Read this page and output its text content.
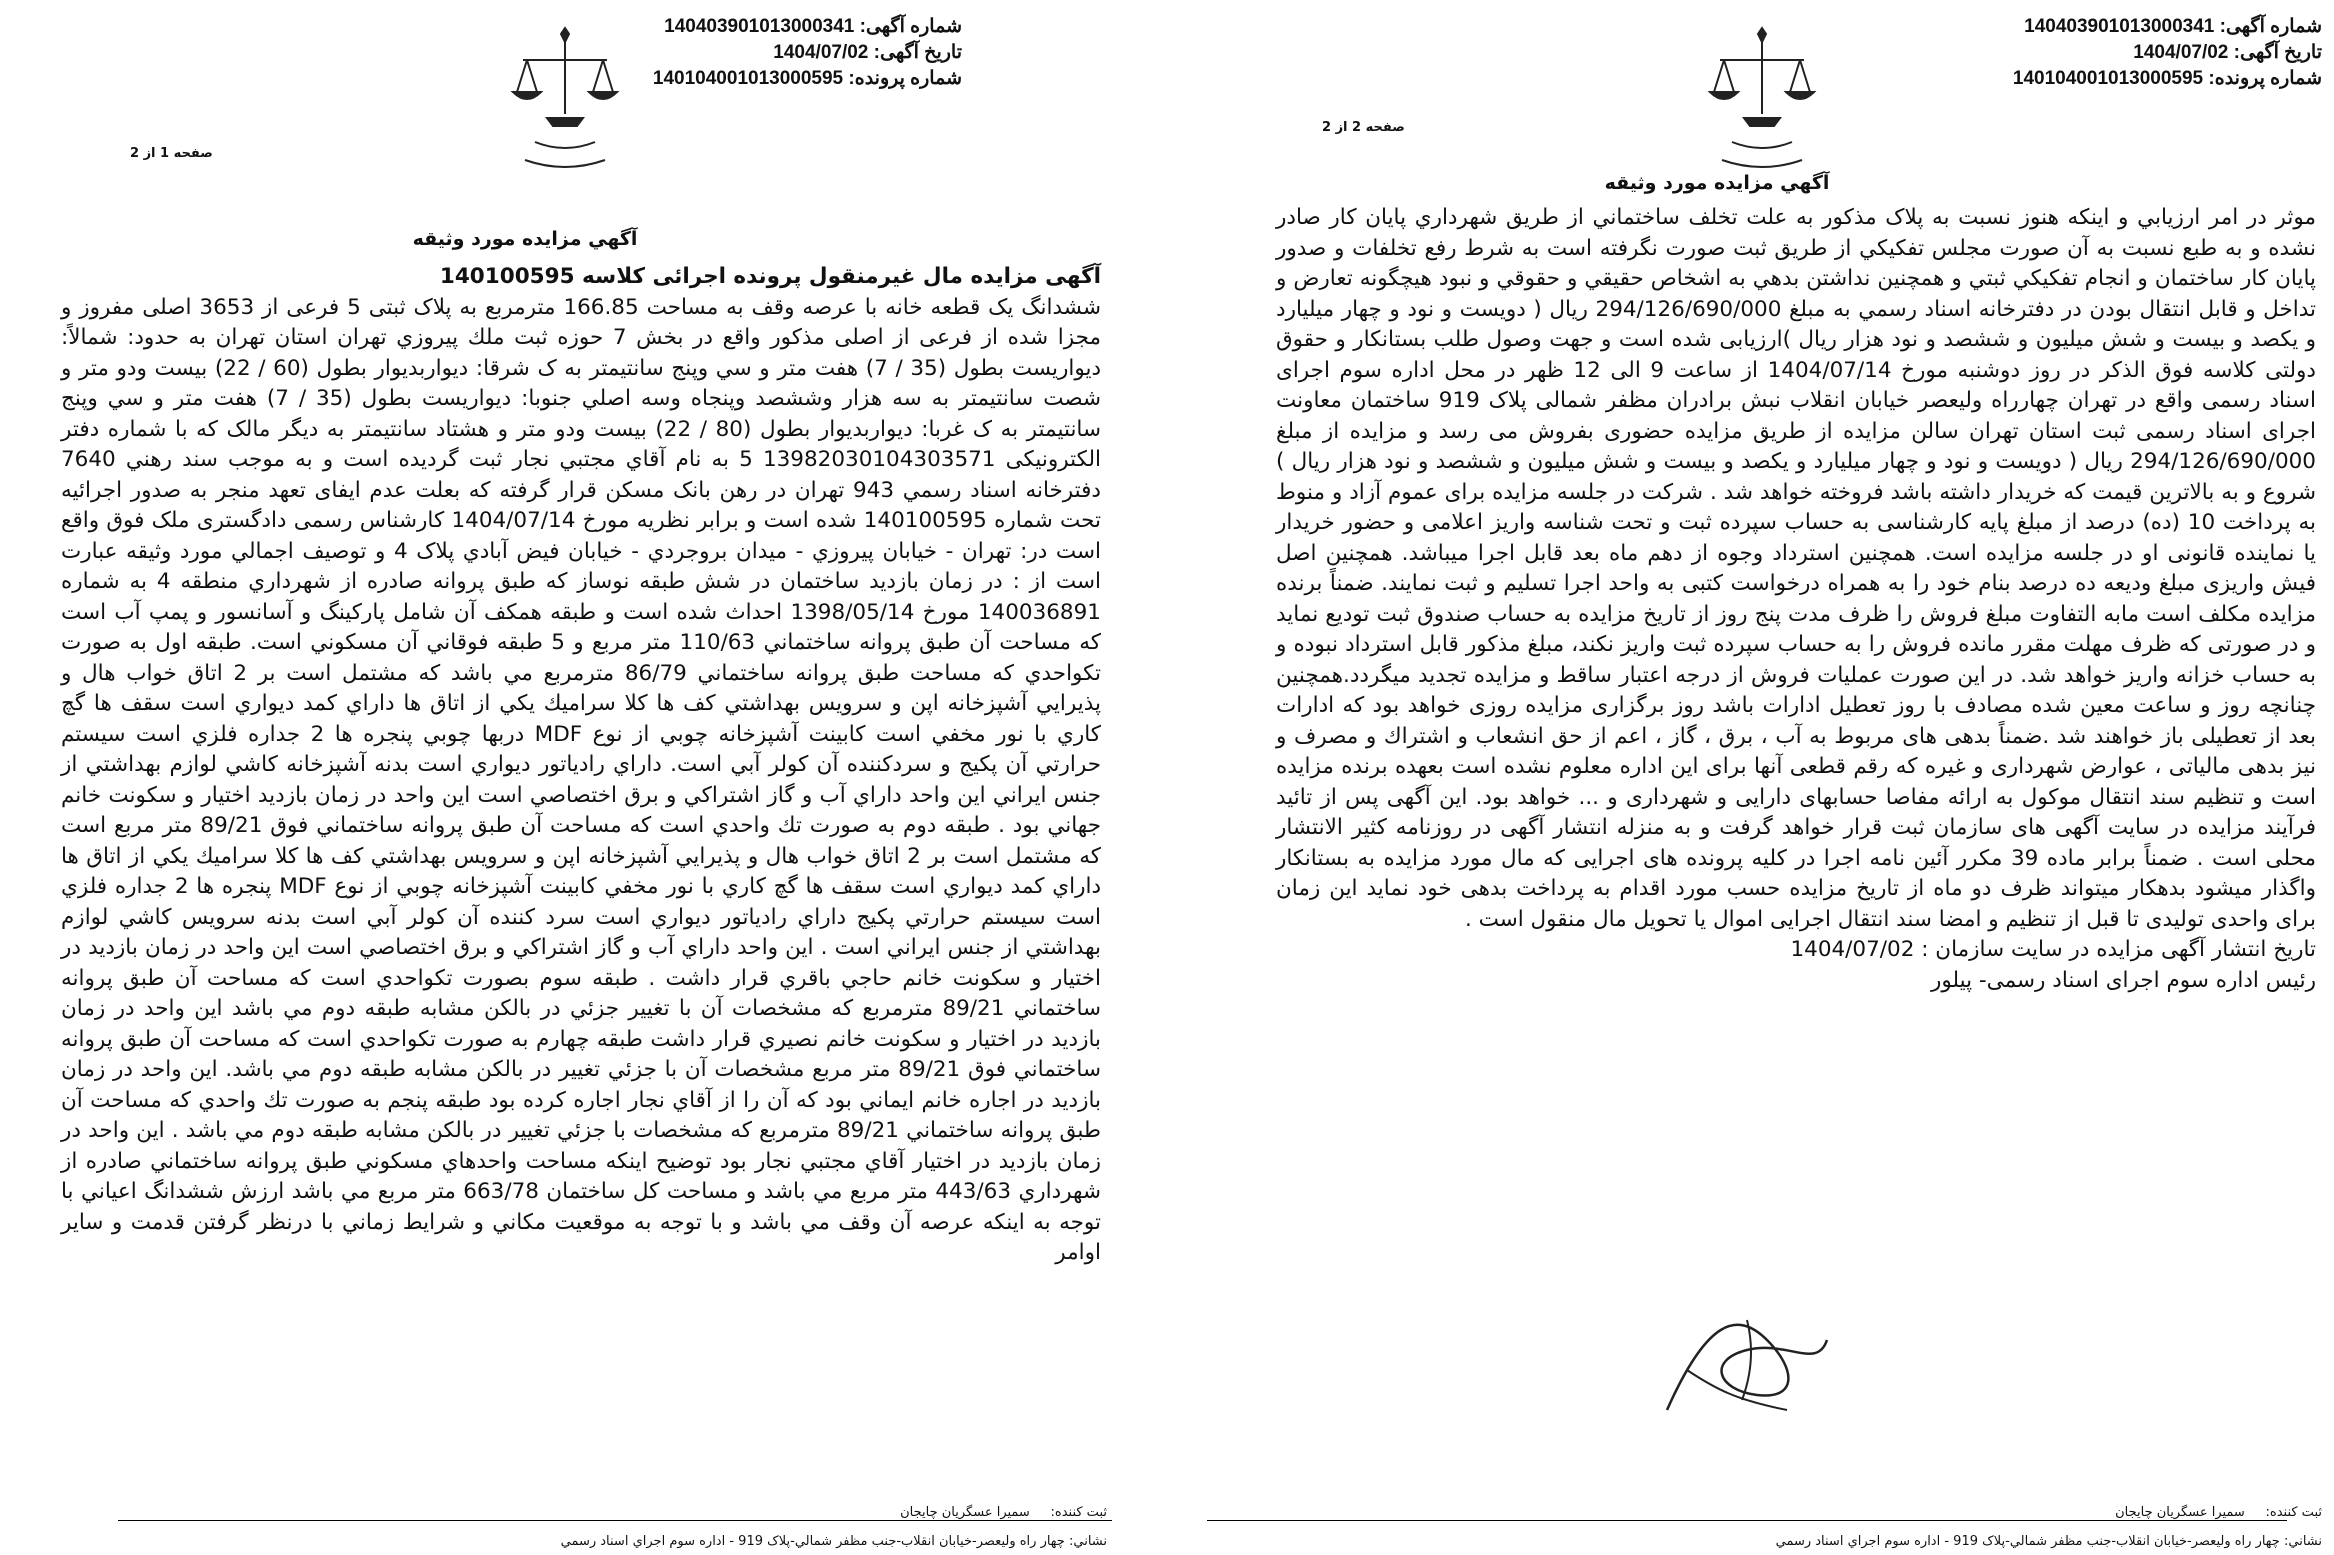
شماره آگهی: 140403901013000341
تاریخ آگهی: 1404/07/02
شماره پرونده: 140104001013000595
صفحه 1 از 2
آگهي مزايده مورد وثيقه

آگهی مزايده مال غيرمنقول پرونده اجرائی کلاسه 140100595

ششدانگ يک قطعه خانه با عرصه وقف به مساحت 166.85 مترمربع به پلاک ثبتی 5 فرعی از 3653 اصلی مفروز و مجزا شده از فرعی از اصلی مذکور واقع در بخش 7 حوزه ثبت ملك پيروزي تهران استان تهران به حدود: شمالاً: ديواريست بطول (35 / 7) هفت متر و سي وپنج سانتيمتر به ک شرقا: ديواربديوار بطول (60 / 22) بيست ودو متر و شصت سانتيمتر به سه هزار وششصد وپنجاه وسه اصلي جنوبا: ديواريست بطول (35 / 7) هفت متر و سي وپنج سانتيمتر به ک غربا: ديواربديوار بطول (80 / 22) بيست ودو متر و هشتاد سانتيمتر به ديگر مالک که با شماره دفتر الکترونيکی 13982030104303571 5 به نام آقاي مجتبي نجار ثبت گرديده است و به موجب سند رهني 7640 دفترخانه اسناد رسمي 943 تهران در رهن بانک مسکن قرار گرفته که بعلت عدم ايفای تعهد منجر به صدور اجرائيه تحت شماره 140100595 شده است و برابر نظريه مورخ 1404/07/14 کارشناس رسمی دادگستری ملک فوق واقع است در: تهران - خيابان پيروزي - ميدان بروجردي - خيابان فيض آبادي پلاک 4 و توصيف اجمالي مورد وثيقه عبارت است از : در زمان بازديد ساختمان در شش طبقه نوساز كه طبق پروانه صادره از شهرداري منطقه 4 به شماره 140036891 مورخ 1398/05/14 احداث شده است و طبقه همكف آن شامل پاركينگ و آسانسور و پمپ آب است كه مساحت آن طبق پروانه ساختماني 110/63 متر مربع و 5 طبقه فوقاني آن مسكوني است. طبقه اول به صورت تكواحدي كه مساحت طبق پروانه ساختماني 86/79 مترمربع مي باشد كه مشتمل است بر 2 اتاق خواب هال و پذيرايي آشپزخانه اپن و سرويس بهداشتي كف ها كلا سراميك يكي از اتاق ها داراي كمد ديواري است سقف ها گچ كاري با نور مخفي است كابينت آشپزخانه چوبي از نوع MDF دربها چوبي پنجره ها 2 جداره فلزي است سيستم حرارتي آن پكيج و سردكننده آن كولر آبي است. داراي رادياتور ديواري است بدنه آشپزخانه كاشي لوازم بهداشتي از جنس ايراني اين واحد داراي آب و گاز اشتراكي و برق اختصاصي است اين واحد در زمان بازديد اختيار و سكونت خانم جهاني بود . طبقه دوم به صورت تك واحدي است كه مساحت آن طبق پروانه ساختماني فوق 89/21 متر مربع است كه مشتمل است بر 2 اتاق خواب هال و پذيرايي آشپزخانه اپن و سرويس بهداشتي كف ها كلا سراميك يكي از اتاق ها داراي كمد ديواري است سقف ها گچ كاري با نور مخفي كابينت آشپزخانه چوبي از نوع MDF پنجره ها 2 جداره فلزي است سيستم حرارتي پكيج داراي رادياتور ديواري است سرد كننده آن كولر آبي است بدنه سرويس كاشي لوازم بهداشتي از جنس ايراني است . اين واحد داراي آب و گاز اشتراكي و برق اختصاصي است اين واحد در زمان بازديد در اختيار و سكونت خانم حاجي باقري قرار داشت . طبقه سوم بصورت تكواحدي است كه مساحت آن طبق پروانه ساختماني 89/21 مترمربع كه مشخصات آن با تغيير جزئي در بالكن مشابه طبقه دوم مي باشد اين واحد در زمان بازديد در اختيار و سكونت خانم نصيري قرار داشت طبقه چهارم به صورت تكواحدي است كه مساحت آن طبق پروانه ساختماني فوق 89/21 متر مربع مشخصات آن با جزئي تغيير در بالكن مشابه طبقه دوم مي باشد. اين واحد در زمان بازديد در اجاره خانم ايماني بود كه آن را از آقاي نجار اجاره كرده بود طبقه پنجم به صورت تك واحدي كه مساحت آن طبق پروانه ساختماني 89/21 مترمربع كه مشخصات با جزئي تغيير در بالكن مشابه طبقه دوم مي باشد . اين واحد در زمان بازديد در اختيار آقاي مجتبي نجار بود توضيح اينكه مساحت واحدهاي مسكوني طبق پروانه ساختماني صادره از شهرداري 443/63 متر مربع مي باشد و مساحت كل ساختمان 663/78 متر مربع مي باشد ارزش ششدانگ اعياني با توجه به اينكه عرصه آن وقف مي باشد و با توجه به موقعيت مكاني و شرايط زماني با درنظر گرفتن قدمت و ساير اوامر

ثبت کننده:     سميرا عسگريان چايجان
نشاني: چهار راه وليعصر-خيابان انقلاب-جنب مظفر شمالي-پلاک 919 - اداره سوم اجراي اسناد رسمي
شماره آگهی: 140403901013000341
تاریخ آگهی: 1404/07/02
شماره پرونده: 140104001013000595
صفحه 2 از 2
آگهي مزايده مورد وثيقه

موثر در امر ارزيابي و اينكه هنوز نسبت به پلاک مذكور به علت تخلف ساختماني از طريق شهرداري پايان كار صادر نشده و به طبع نسبت به آن صورت مجلس تفكيكي از طريق ثبت صورت نگرفته است به شرط رفع تخلفات و صدور پايان كار ساختمان و انجام تفكيكي ثبتي و همچنين نداشتن بدهي به اشخاص حقيقي و حقوقي و نبود هيچگونه تعارض و تداخل و قابل انتقال بودن در دفترخانه اسناد رسمي به مبلغ 294/126/690/000 ريال ( دويست و نود و چهار ميليارد و يكصد و بيست و شش ميليون و ششصد و نود هزار ريال )ارزيابی شده است و جهت وصول طلب بستانکار و حقوق دولتی کلاسه فوق الذکر در روز دوشنبه مورخ 1404/07/14 از ساعت 9 الی 12 ظهر در محل اداره سوم اجرای اسناد رسمی واقع در تهران چهارراه وليعصر خيابان انقلاب نبش برادران مظفر شمالی پلاک 919 ساختمان معاونت اجرای اسناد رسمی ثبت استان تهران سالن مزايده از طريق مزايده حضوری بفروش می رسد و مزايده از مبلغ 294/126/690/000 ريال ( دويست و نود و چهار ميليارد و يكصد و بيست و شش ميليون و ششصد و نود هزار ريال ) شروع و به بالاترين قيمت كه خريدار داشته باشد فروخته خواهد شد . شرکت در جلسه مزايده برای عموم آزاد و منوط به پرداخت 10 (ده) درصد از مبلغ پايه كارشناسی به حساب سپرده ثبت و تحت شناسه واريز اعلامی و حضور خريدار يا نماينده قانونی او در جلسه مزايده است. همچنين استرداد وجوه از دهم ماه بعد قابل اجرا ميباشد. همچنين اصل فيش واريزی مبلغ وديعه ده درصد بنام خود را به همراه درخواست کتبی به واحد اجرا تسليم و ثبت نمايند. ضمناً برنده مزايده مکلف است مابه التفاوت مبلغ فروش را ظرف مدت پنج روز از تاريخ مزايده به حساب صندوق ثبت توديع نمايد و در صورتی که ظرف مهلت مقرر مانده فروش را به حساب سپرده ثبت واريز نکند، مبلغ مذکور قابل استرداد نبوده و به حساب خزانه واريز خواهد شد. در اين صورت عمليات فروش از درجه اعتبار ساقط و مزايده تجديد ميگردد.همچنين چنانچه روز و ساعت معين شده مصادف با روز تعطيل ادارات باشد روز برگزاری مزايده روزی خواهد بود كه ادارات بعد از تعطيلی باز خواهند شد .ضمناً بدهی های مربوط به آب ، برق ، گاز ، اعم از حق انشعاب و اشتراك و مصرف و نيز بدهی مالياتی ، عوارض شهرداری و غيره كه رقم قطعی آنها برای اين اداره معلوم نشده است بعهده برنده مزايده است و تنظيم سند انتقال موكول به ارائه مفاصا حسابهای دارايی و شهرداری و ... خواهد بود. اين آگهی پس از تائيد فرآيند مزايده در سايت آگهی های سازمان ثبت قرار خواهد گرفت و به منزله انتشار آگهی در روزنامه كثير الانتشار محلی است . ضمناً برابر ماده 39 مكرر آئين نامه اجرا در كليه پرونده های اجرايی كه مال مورد مزايده به بستانكار واگذار ميشود بدهكار ميتواند ظرف دو ماه از تاريخ مزايده حسب مورد اقدام به پرداخت بدهی خود نمايد اين زمان برای واحدی توليدی تا قبل از تنظيم و امضا سند انتقال اجرايی اموال يا تحويل مال منقول است .

تاريخ انتشار آگهی مزايده در سايت سازمان : 1404/07/02

رئيس اداره سوم اجرای اسناد رسمی- پيلور

ثبت کننده:     سميرا عسگريان چايجان
نشاني: چهار راه وليعصر-خيابان انقلاب-جنب مظفر شمالي-پلاک 919 - اداره سوم اجراي اسناد رسمي
